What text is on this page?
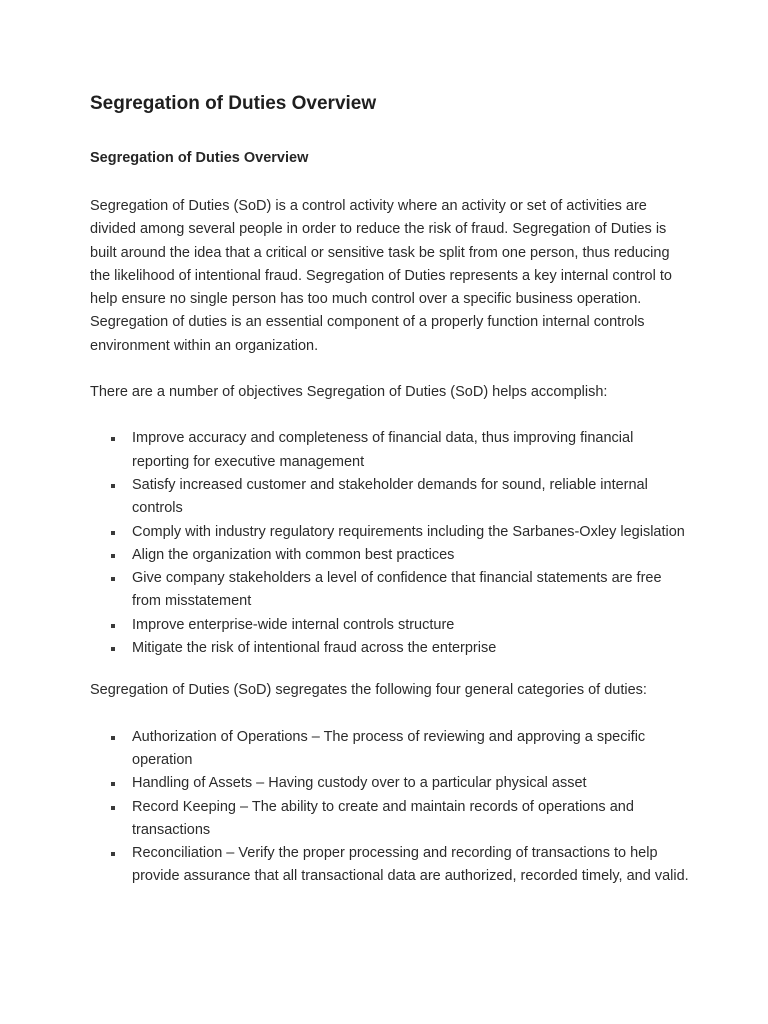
Segregation of Duties Overview
Segregation of Duties Overview

Segregation of Duties (SoD) is a control activity where an activity or set of activities are divided among several people in order to reduce the risk of fraud. Segregation of Duties is built around the idea that a critical or sensitive task be split from one person, thus reducing the likelihood of intentional fraud. Segregation of Duties represents a key internal control to help ensure no single person has too much control over a specific business operation. Segregation of duties is an essential component of a properly function internal controls environment within an organization.

There are a number of objectives Segregation of Duties (SoD) helps accomplish:

Improve accuracy and completeness of financial data, thus improving financial reporting for executive management
Satisfy increased customer and stakeholder demands for sound, reliable internal controls
Comply with industry regulatory requirements including the Sarbanes-Oxley legislation
Align the organization with common best practices
Give company stakeholders a level of confidence that financial statements are free from misstatement
Improve enterprise-wide internal controls structure
Mitigate the risk of intentional fraud across the enterprise

Segregation of Duties (SoD) segregates the following four general categories of duties:

Authorization of Operations – The process of reviewing and approving a specific operation
Handling of Assets – Having custody over to a particular physical asset
Record Keeping – The ability to create and maintain records of operations and transactions
Reconciliation – Verify the proper processing and recording of transactions to help provide assurance that all transactional data are authorized, recorded timely, and valid.
